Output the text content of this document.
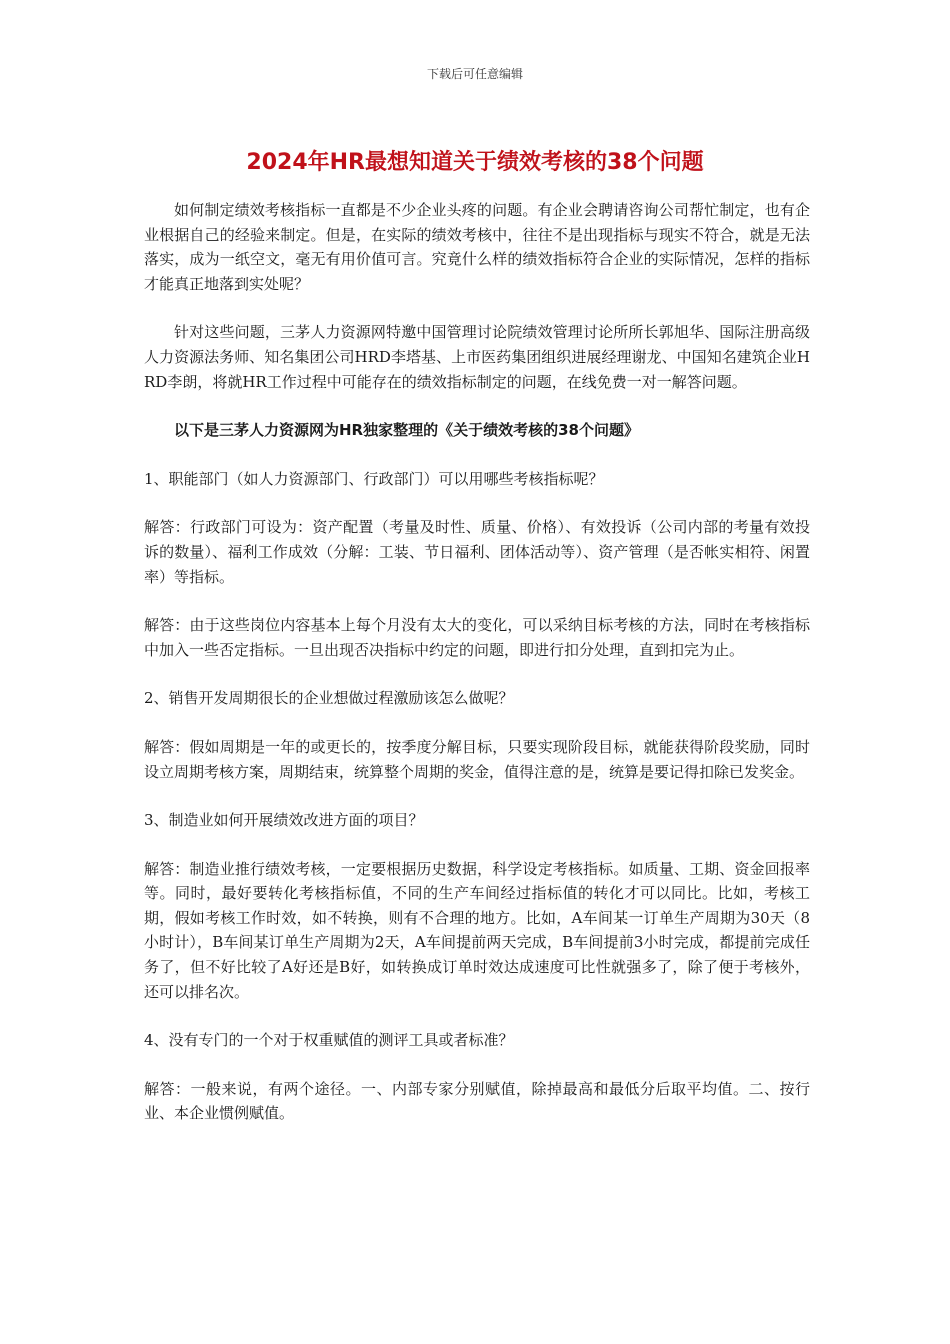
下载后可任意编辑
2024年HR最想知道关于绩效考核的38个问题

如何制定绩效考核指标一直都是不少企业头疼的问题。有企业会聘请咨询公司帮忙制定，也有企业根据自己的经验来制定。但是，在实际的绩效考核中，往往不是出现指标与现实不符合，就是无法落实，成为一纸空文，毫无有用价值可言。究竟什么样的绩效指标符合企业的实际情况，怎样的指标才能真正地落到实处呢？

针对这些问题，三茅人力资源网特邀中国管理讨论院绩效管理讨论所所长郭旭华、国际注册高级人力资源法务师、知名集团公司HRD李塔基、上市医药集团组织进展经理谢龙、中国知名建筑企业HRD李朗，将就HR工作过程中可能存在的绩效指标制定的问题，在线免费一对一解答问题。

以下是三茅人力资源网为HR独家整理的《关于绩效考核的38个问题》

1、职能部门（如人力资源部门、行政部门）可以用哪些考核指标呢？

解答：行政部门可设为：资产配置（考量及时性、质量、价格）、有效投诉（公司内部的考量有效投诉的数量）、福利工作成效（分解：工装、节日福利、团体活动等）、资产管理（是否帐实相符、闲置率）等指标。

解答：由于这些岗位内容基本上每个月没有太大的变化，可以采纳目标考核的方法，同时在考核指标中加入一些否定指标。一旦出现否决指标中约定的问题，即进行扣分处理，直到扣完为止。

2、销售开发周期很长的企业想做过程激励该怎么做呢？

解答：假如周期是一年的或更长的，按季度分解目标，只要实现阶段目标，就能获得阶段奖励，同时设立周期考核方案，周期结束，统算整个周期的奖金，值得注意的是，统算是要记得扣除已发奖金。

3、制造业如何开展绩效改进方面的项目？

解答：制造业推行绩效考核，一定要根据历史数据，科学设定考核指标。如质量、工期、资金回报率等。同时，最好要转化考核指标值，不同的生产车间经过指标值的转化才可以同比。比如，考核工期，假如考核工作时效，如不转换，则有不合理的地方。比如，A车间某一订单生产周期为30天（8小时计），B车间某订单生产周期为2天，A车间提前两天完成，B车间提前3小时完成，都提前完成任务了，但不好比较了A好还是B好，如转换成订单时效达成速度可比性就强多了，除了便于考核外，还可以排名次。

4、没有专门的一个对于权重赋值的测评工具或者标准？

解答：一般来说，有两个途径。一、内部专家分别赋值，除掉最高和最低分后取平均值。二、按行业、本企业惯例赋值。
